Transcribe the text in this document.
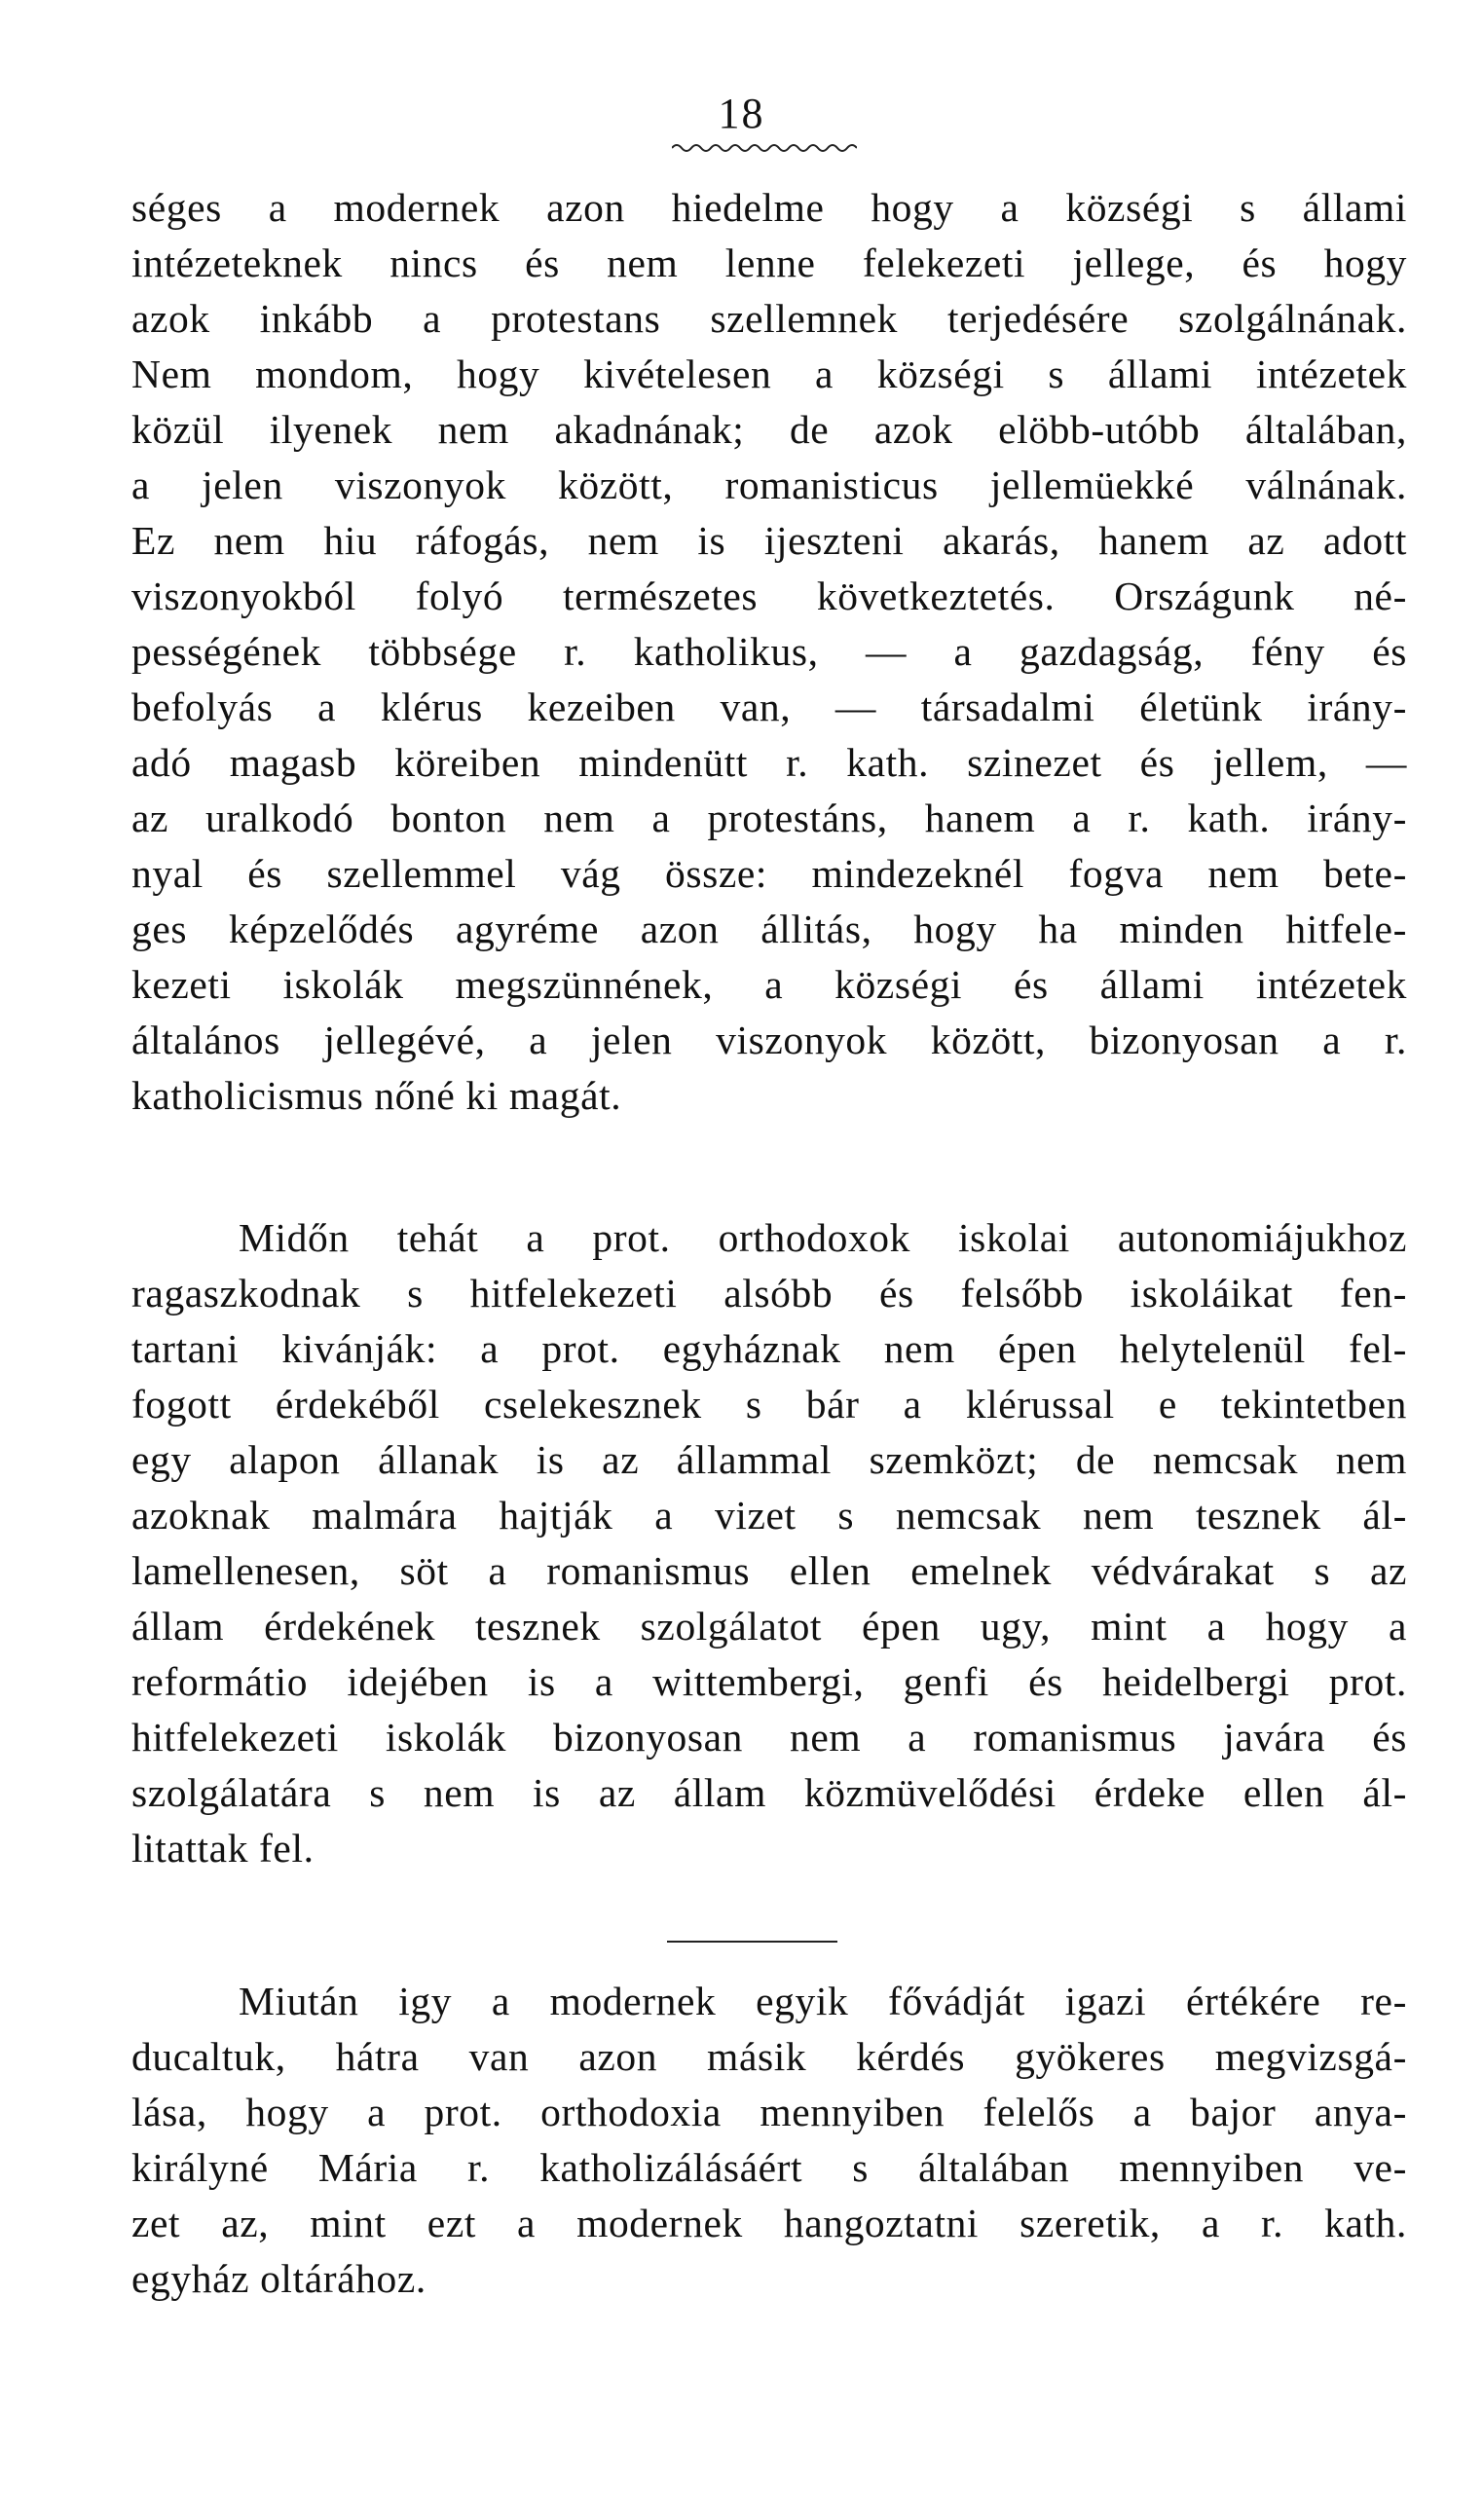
18
séges a modernek azon hiedelme hogy a községi s állami
intézeteknek nincs és nem lenne felekezeti jellege, és hogy
azok inkább a protestans szellemnek terjedésére szolgálnának.
Nem mondom, hogy kivételesen a községi s állami intézetek
közül ilyenek nem akadnának; de azok elöbb-utóbb általában,
a jelen viszonyok között, romanisticus jellemüekké válnának.
Ez nem hiu ráfogás, nem is ijeszteni akarás, hanem az adott
viszonyokból folyó természetes következtetés. Országunk né-
pességének többsége r. katholikus, — a gazdagság, fény és
befolyás a klérus kezeiben van, — társadalmi életünk irány-
adó magasb köreiben mindenütt r. kath. szinezet és jellem, —
az uralkodó bonton nem a protestáns, hanem a r. kath. irány-
nyal és szellemmel vág össze: mindezeknél fogva nem bete-
ges képzelődés agyréme azon állitás, hogy ha minden hitfele-
kezeti iskolák megszünnének, a községi és állami intézetek
általános jellegévé, a jelen viszonyok között, bizonyosan a r.
katholicismus nőné ki magát.
Midőn tehát a prot. orthodoxok iskolai autonomiájukhoz
ragaszkodnak s hitfelekezeti alsóbb és felsőbb iskoláikat fen-
tartani kivánják: a prot. egyháznak nem épen helytelenül fel-
fogott érdekéből cselekesznek s bár a klérussal e tekintetben
egy alapon állanak is az állammal szemközt; de nemcsak nem
azoknak malmára hajtják a vizet s nemcsak nem tesznek ál-
lamellenesen, söt a romanismus ellen emelnek védvárakat s az
állam érdekének tesznek szolgálatot épen ugy, mint a hogy a
reformátio idejében is a wittembergi, genfi és heidelbergi prot.
hitfelekezeti iskolák bizonyosan nem a romanismus javára és
szolgálatára s nem is az állam közmüvelődési érdeke ellen ál-
litattak fel.
Miután igy a modernek egyik fővádját igazi értékére re-
ducaltuk, hátra van azon másik kérdés gyökeres megvizsgá-
lása, hogy a prot. orthodoxia mennyiben felelős a bajor anya-
királyné Mária r. katholizálásáért s általában mennyiben ve-
zet az, mint ezt a modernek hangoztatni szeretik, a r. kath.
egyház oltárához.
